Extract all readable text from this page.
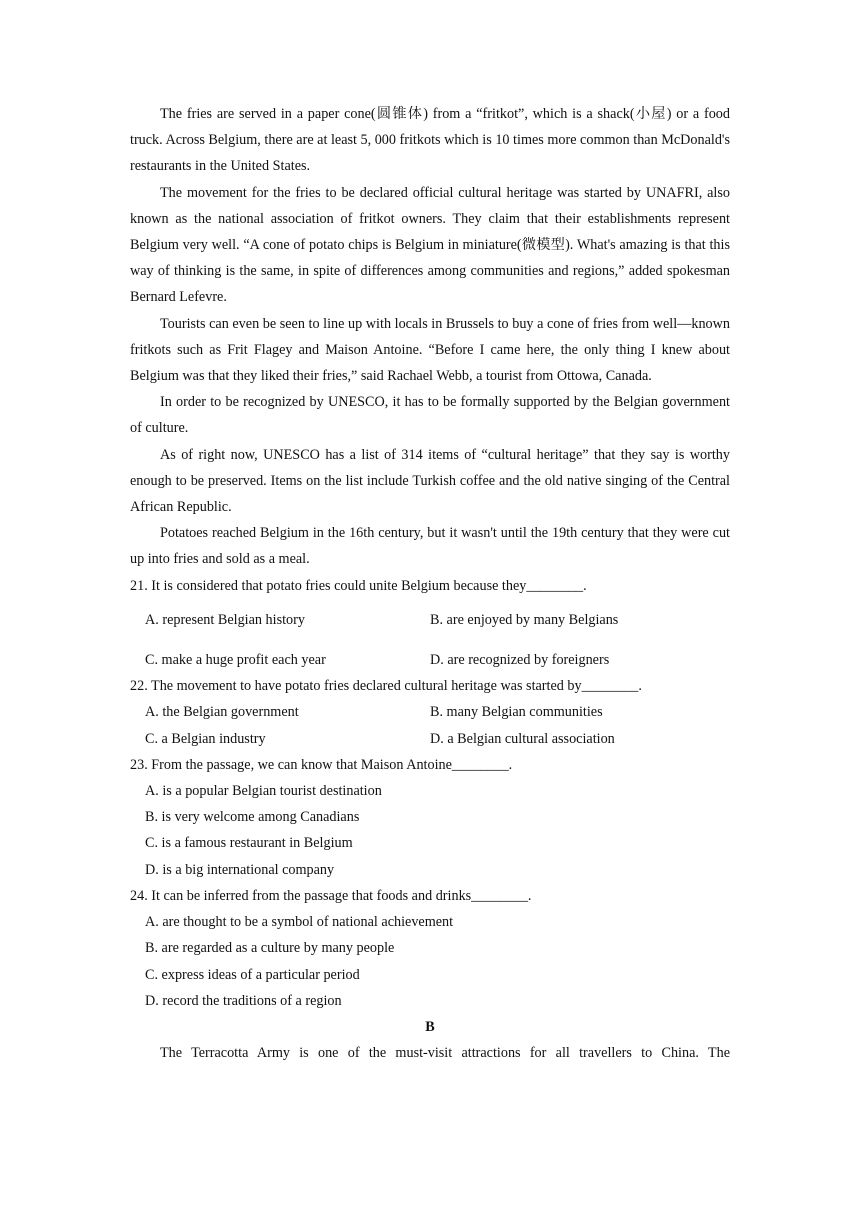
The fries are served in a paper cone(圆锥体) from a “fritkot”, which is a shack(小屋) or a food truck. Across Belgium, there are at least 5, 000 fritkots which is 10 times more common than McDonald's restaurants in the United States.

The movement for the fries to be declared official cultural heritage was started by UNAFRI, also known as the national association of fritkot owners. They claim that their establishments represent Belgium very well. “A cone of potato chips is Belgium in miniature(微模型). What's amazing is that this way of thinking is the same, in spite of differences among communities and regions,” added spokesman Bernard Lefevre.

Tourists can even be seen to line up with locals in Brussels to buy a cone of fries from well—known fritkots such as Frit Flagey and Maison Antoine. “Before I came here, the only thing I knew about Belgium was that they liked their fries,” said Rachael Webb, a tourist from Ottowa, Canada.

In order to be recognized by UNESCO, it has to be formally supported by the Belgian government of culture.

As of right now, UNESCO has a list of 314 items of “cultural heritage” that they say is worthy enough to be preserved. Items on the list include Turkish coffee and the old native singing of the Central African Republic.

Potatoes reached Belgium in the 16th century, but it wasn't until the 19th century that they were cut up into fries and sold as a meal.

21. It is considered that potato fries could unite Belgium because they________.

A. represent Belgian history	B. are enjoyed by many Belgians
C. make a huge profit each year	D. are recognized by foreigners

22. The movement to have potato fries declared cultural heritage was started by________.

A. the Belgian government	B. many Belgian communities
C. a Belgian industry	D. a Belgian cultural association

23. From the passage, we can know that Maison Antoine________.

A. is a popular Belgian tourist destination
B. is very welcome among Canadians
C. is a famous restaurant in Belgium
D. is a big international company

24. It can be inferred from the passage that foods and drinks________.

A. are thought to be a symbol of national achievement
B. are regarded as a culture by many people
C. express ideas of a particular period
D. record the traditions of a region

B

The Terracotta Army is one of the must-visit attractions for all travellers to China. The
